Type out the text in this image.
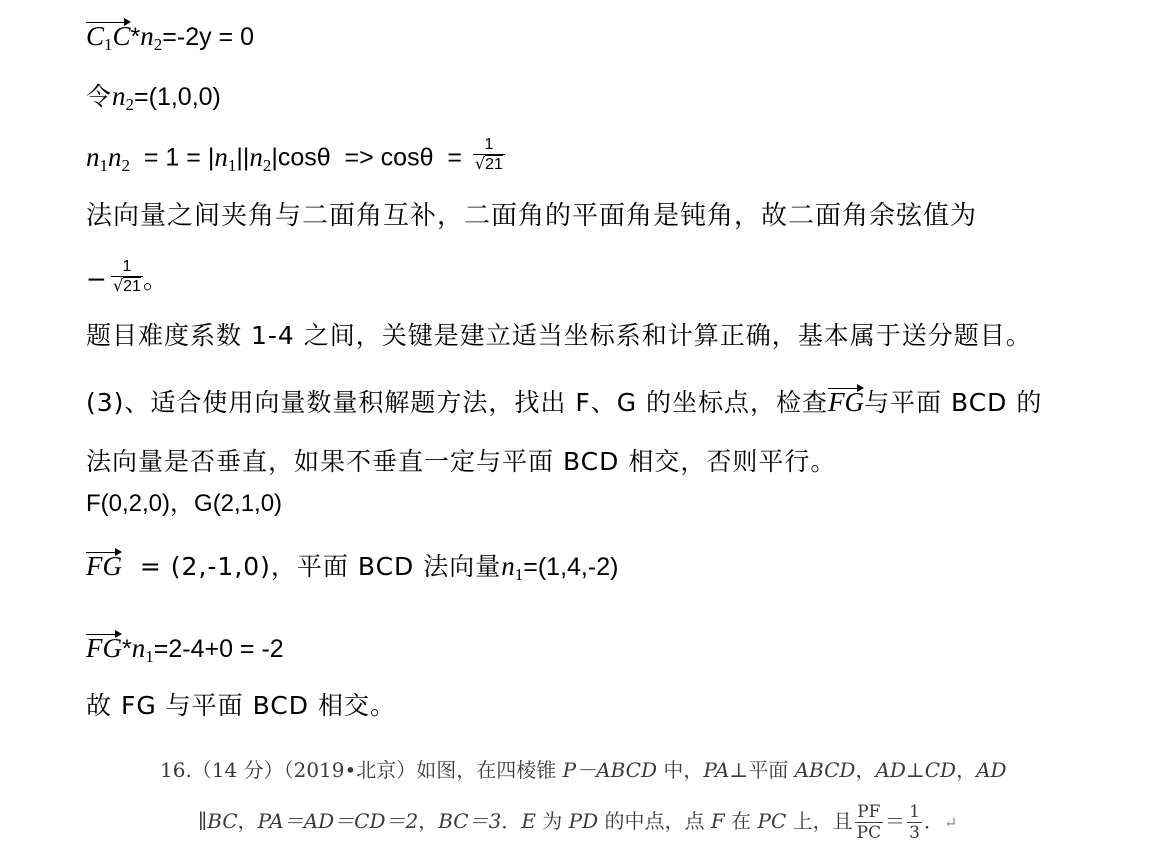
$C_1C*n_2=-2y = 0$
令$n_2=(1,0,0)$
$n_1n_2 = 1 = |n_1||n_2|\cos\theta => \cos\theta = \frac{1}{√21}$
法向量之间夹角与二面角互补，二面角的平面角是钝角，故二面角余弦值为
− $\frac{1}{√21}$ 。
题目难度系数 1-4 之间，关键是建立适当坐标系和计算正确，基本属于送分题目。
(3)、适合使用向量数量积解题方法，找出 F、G 的坐标点，检查FG与平面 BCD 的
法向量是否垂直，如果不垂直一定与平面 BCD 相交，否则平行。
F(0,2,0)，G(2,1,0)
FG  = (2,-1,0)，平面 BCD 法向量$n_1=(1,4,-2)$
$FG*n_1=2-4+0 = -2$
故 FG 与平面 BCD 相交。
16.（14 分）（2019•北京）如图，在四棱锥 P－ABCD 中，PA⊥平面 ABCD，AD⊥CD，AD
∥BC，PA＝AD＝CD＝2，BC＝3．E 为 PD 的中点，点 F 在 PC 上，且 $\frac{PF}{PC} = \frac{1}{3}$ ．↵
